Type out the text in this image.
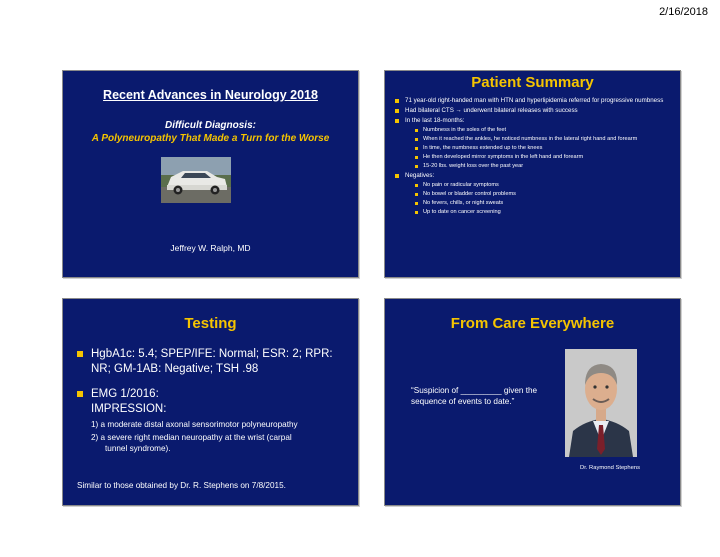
2/16/2018
Recent Advances in Neurology 2018
Difficult Diagnosis:
A Polyneuropathy That Made a Turn for the Worse
Jeffrey W. Ralph, MD
Patient Summary
71 year-old right-handed man with HTN and hyperlipidemia referred for progressive numbness
Had bilateral CTS → underwent bilateral releases with success
In the last 18-months:
Numbness in the soles of the feet
When it reached the ankles, he noticed numbness in the lateral right hand and forearm
In time, the numbness extended up to the knees
He then developed mirror symptoms in the left hand and forearm
15-20 lbs. weight loss over the past year
Negatives:
No pain or radicular symptoms
No bowel or bladder control problems
No fevers, chills, or night sweats
Up to date on cancer screening
Testing
HgbA1c: 5.4; SPEP/IFE: Normal; ESR: 2; RPR: NR; GM-1AB: Negative; TSH .98
EMG 1/2016:
IMPRESSION:
1) a moderate distal axonal sensorimotor polyneuropathy
2) a severe right median neuropathy at the wrist (carpal
tunnel syndrome).
Similar to those obtained by Dr. R. Stephens on 7/8/2015.
From Care Everywhere
“Suspicion of _________ given the sequence of events to date.”
Dr. Raymond Stephens
